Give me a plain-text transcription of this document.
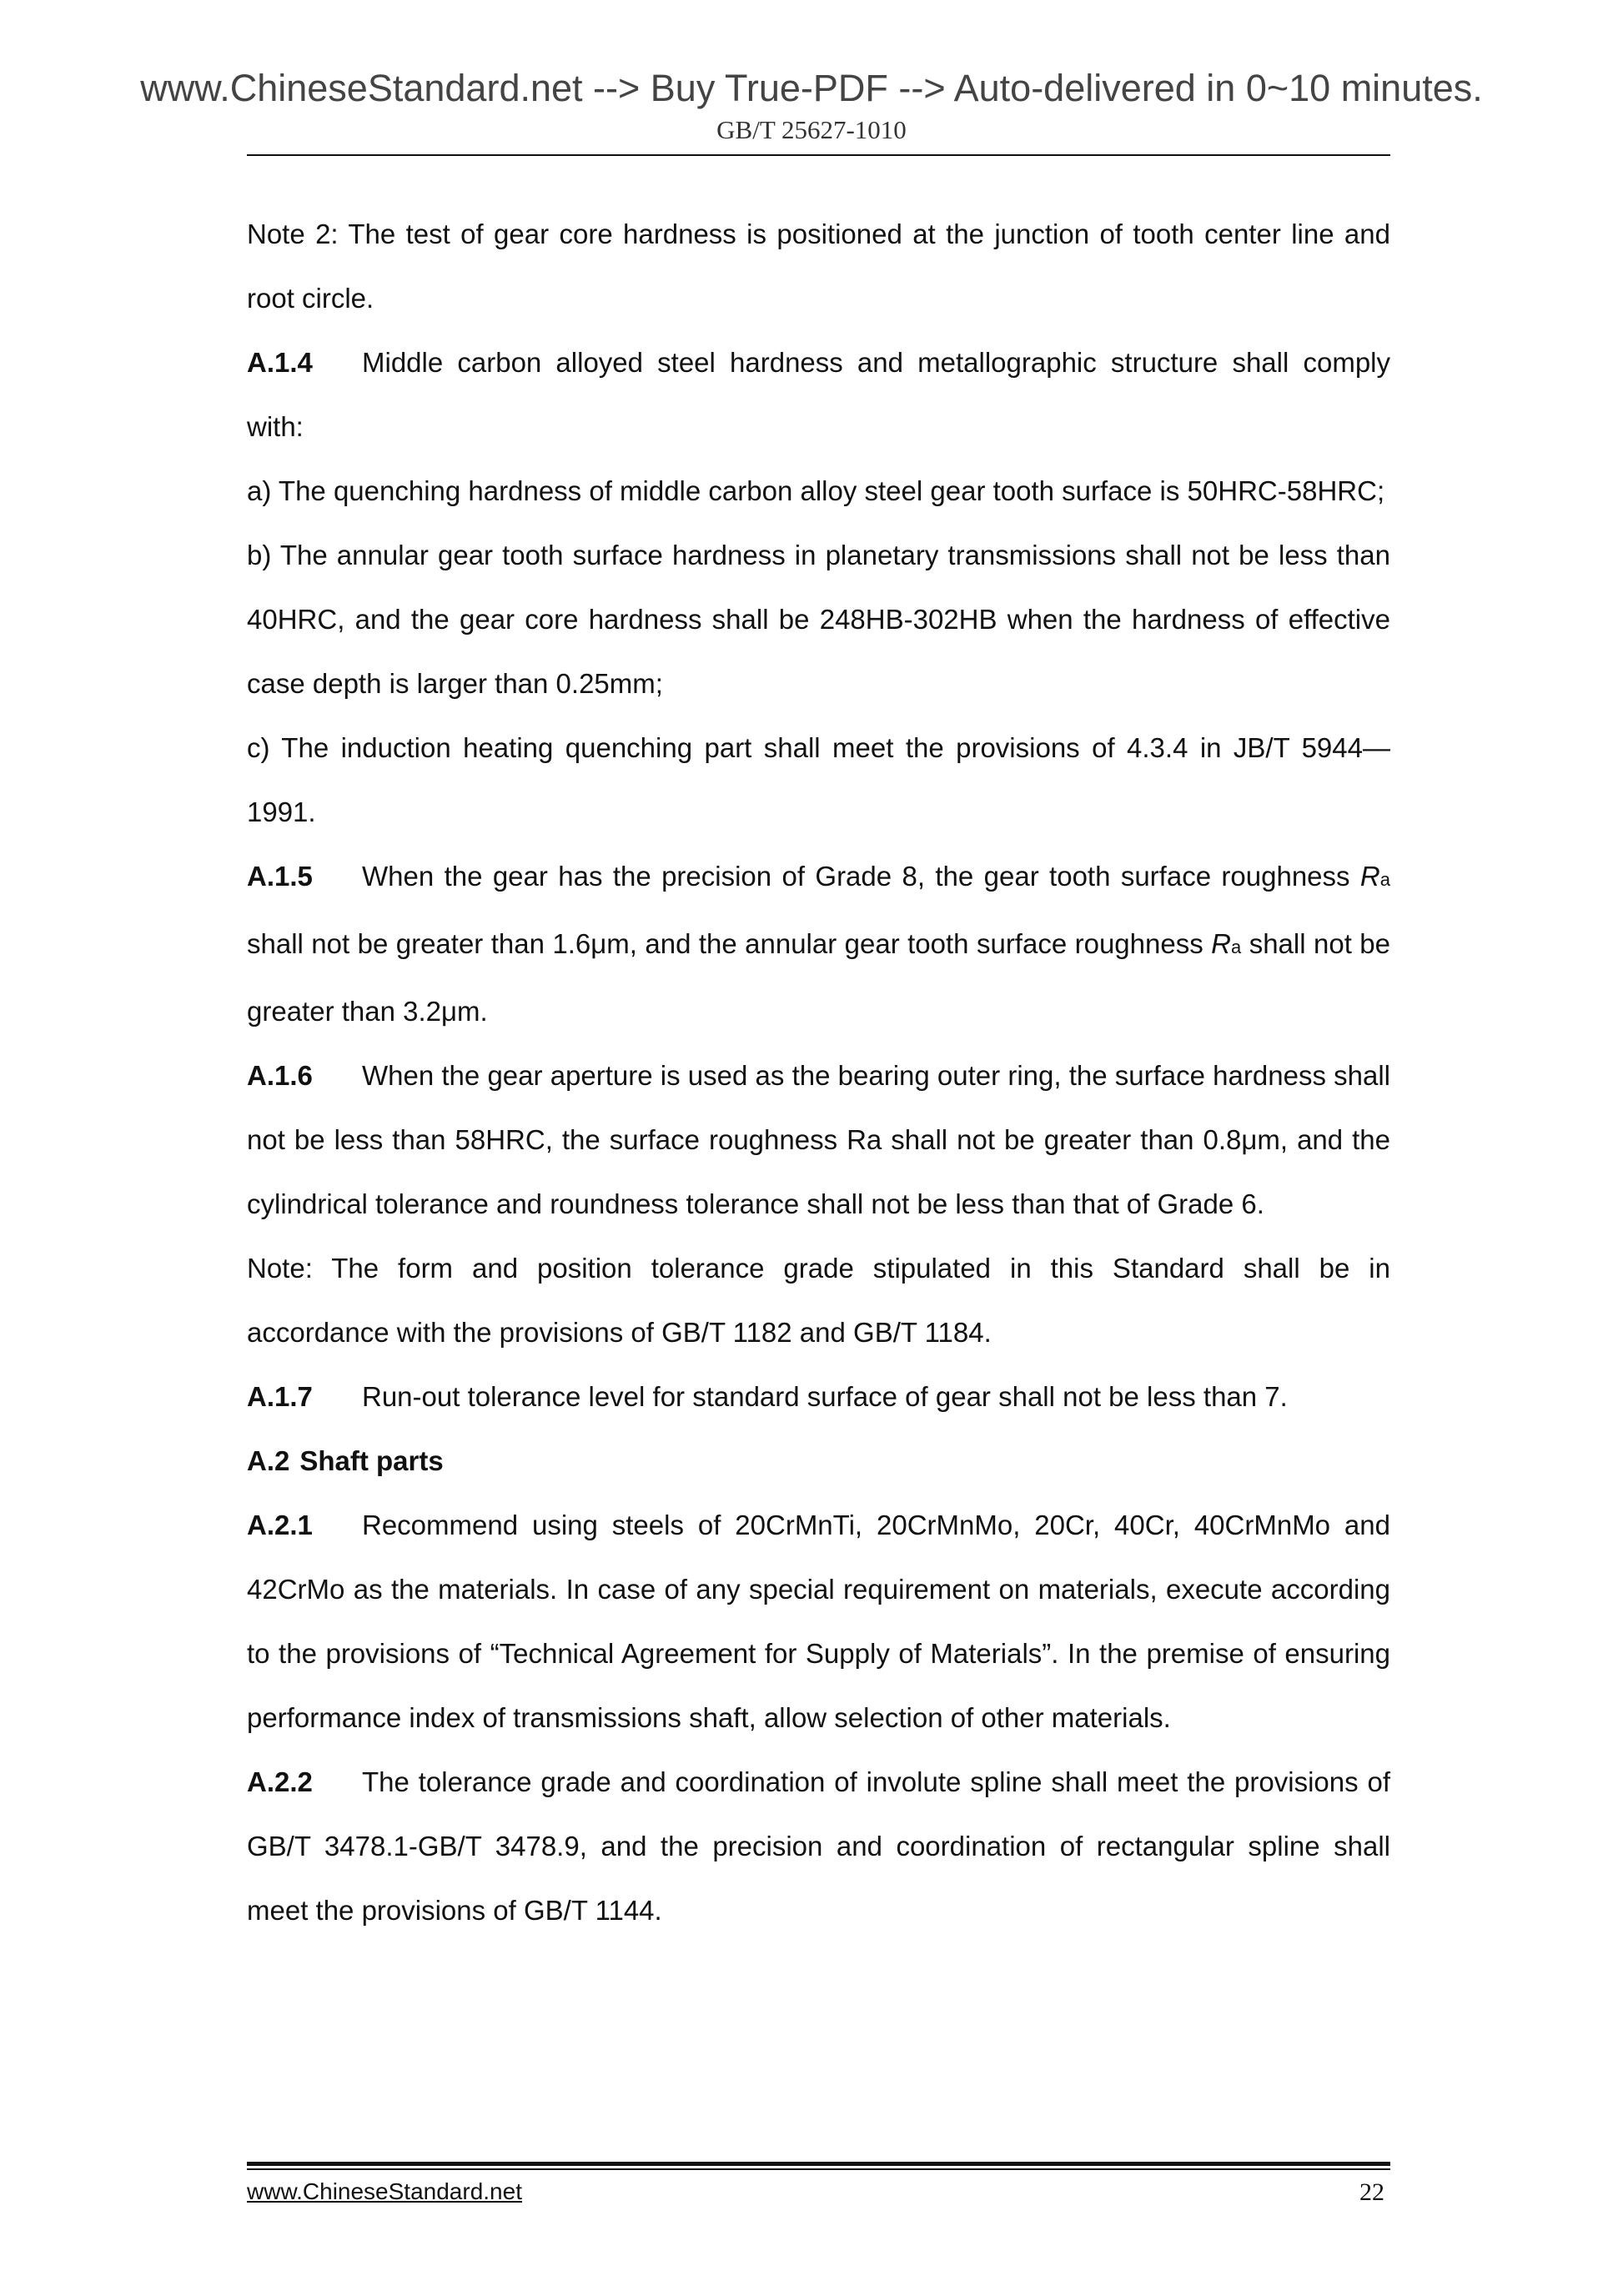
www.ChineseStandard.net --> Buy True-PDF --> Auto-delivered in 0~10 minutes.
GB/T 25627-1010

Note 2: The test of gear core hardness is positioned at the junction of tooth center line and root circle.

A.1.4 Middle carbon alloyed steel hardness and metallographic structure shall comply with:

a) The quenching hardness of middle carbon alloy steel gear tooth surface is 50HRC-58HRC;

b) The annular gear tooth surface hardness in planetary transmissions shall not be less than 40HRC, and the gear core hardness shall be 248HB-302HB when the hardness of effective case depth is larger than 0.25mm;

c) The induction heating quenching part shall meet the provisions of 4.3.4 in JB/T 5944—1991.

A.1.5 When the gear has the precision of Grade 8, the gear tooth surface roughness Ra shall not be greater than 1.6μm, and the annular gear tooth surface roughness Ra shall not be greater than 3.2μm.

A.1.6 When the gear aperture is used as the bearing outer ring, the surface hardness shall not be less than 58HRC, the surface roughness Ra shall not be greater than 0.8μm, and the cylindrical tolerance and roundness tolerance shall not be less than that of Grade 6.

Note: The form and position tolerance grade stipulated in this Standard shall be in accordance with the provisions of GB/T 1182 and GB/T 1184.

A.1.7 Run-out tolerance level for standard surface of gear shall not be less than 7.

A.2 Shaft parts

A.2.1 Recommend using steels of 20CrMnTi, 20CrMnMo, 20Cr, 40Cr, 40CrMnMo and 42CrMo as the materials. In case of any special requirement on materials, execute according to the provisions of “Technical Agreement for Supply of Materials”. In the premise of ensuring performance index of transmissions shaft, allow selection of other materials.

A.2.2 The tolerance grade and coordination of involute spline shall meet the provisions of GB/T 3478.1-GB/T 3478.9, and the precision and coordination of rectangular spline shall meet the provisions of GB/T 1144.

www.ChineseStandard.net	22
